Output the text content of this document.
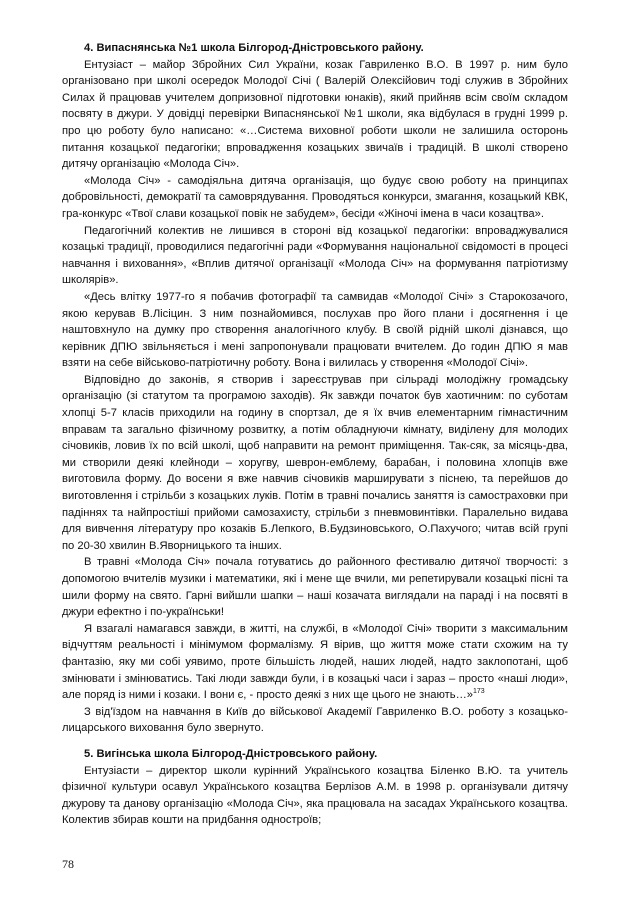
4. Випаснянська №1 школа Білгород-Дністровського району.

Ентузіаст – майор Збройних Сил України, козак Гавриленко В.О. В 1997 р. ним було організовано при школі осередок Молодої Січі ( Валерій Олексійович тоді служив в Збройних Силах й працював учителем допризовної підготовки юнаків), який прийняв всім своїм складом посвяту в джури. У довідці перевірки Випаснянської №1 школи, яка відбулася в грудні 1999 р. про цю роботу було написано: «…Система виховної роботи школи не залишила осторонь питання козацької педагогіки; впровадження козацьких звичаїв і традицій. В школі створено дитячу організацію «Молода Січ».

«Молода Січ» - самодіяльна дитяча організація, що будує свою роботу на принципах добровільності, демократії та самоврядування. Проводяться конкурси, змагання, козацький КВК, гра-конкурс «Твої слави козацької повік не забудем», бесіди «Жіночі імена в часи козацтва».

Педагогічний колектив не лишився в стороні від козацької педагогіки: впроваджувалися козацькі традиції, проводилися педагогічні ради «Формування національної свідомості в процесі навчання і виховання», «Вплив дитячої організації «Молода Січ» на формування патріотизму школярів».

«Десь влітку 1977-го я побачив фотографії та самвидав «Молодої Січі» з Старокозачого, якою керував В.Ліcіцин. З ним познайомився, послухав про його плани і досягнення і це наштовхнуло на думку про створення аналогічного клубу. В своїй рідній школі дізнався, що керівник ДПЮ звільняється і мені запропонували працювати вчителем. До годин ДПЮ я мав взяти на себе військово-патріотичну роботу. Вона і вилилась у створення «Молодої Січі».

Відповідно до законів, я створив і зареєстрував при сільраді молодіжну громадську організацію (зі статутом та програмою заходів). Як завжди початок був хаотичним: по суботам хлопці 5-7 класів приходили на годину в спортзал, де я їх вчив елементарним гімнастичним вправам та загально фізичному розвитку, а потім обладнуючи кімнату, виділену для молодих січовиків, ловив їх по всій школі, щоб направити на ремонт приміщення. Так-сяк, за місяць-два, ми створили деякі клейноди – хоругву, шеврон-емблему, барабан, і половина хлопців вже виготовила форму. До восени я вже навчив січовиків марширувати з піснею, та перейшов до виготовлення і стрільби з козацьких луків. Потім в травні почались заняття із самостраховки при падіннях та найпростіші прийоми самозахисту, стрільби з пневмовинтівки. Паралельно видава для вивчення літературу про козаків Б.Лепкого, В.Будзиновського, О.Пахучого; читав всій групі по 20-30 хвилин В.Яворницького та інших.

В травні «Молода Січ» почала готуватись до районного фестивалю дитячої творчості: з допомогою вчителів музики і математики, які і мене ще вчили, ми репетирували козацькі пісні та шили форму на свято. Гарні вийшли шапки – наші козачата виглядали на параді і на посвяті в джури ефектно і по-українськи!

Я взагалі намагався завжди, в житті, на службі, в «Молодої Січі» творити з максимальним відчуттям реальності і мінімумом формалізму. Я вірив, що життя може стати схожим на ту фантазію, яку ми собі уявимо, проте більшість людей, наших людей, надто заклопотані, щоб змінювати і змінюватись. Такі люди завжди були, і в козацькі часи і зараз – просто «наші люди», але поряд із ними і козаки. І вони є, - просто деякі з них ще цього не знають…»$^{173}$

З від'їздом на навчання в Київ до військової Академії Гавриленко В.О. роботу з козацько-лицарського виховання було звернуто.

5. Вигінська школа Білгород-Дністровського району.

Ентузіасти – директор школи курінний Українського козацтва Біленко В.Ю. та учитель фізичної культури осавул Українського козацтва Берлізов А.М. в 1998 р. організували дитячу джурову та данову організацію «Молода Січ», яка працювала на засадах Українського козацтва. Колектив збирав кошти на придбання одностроїв;

78
